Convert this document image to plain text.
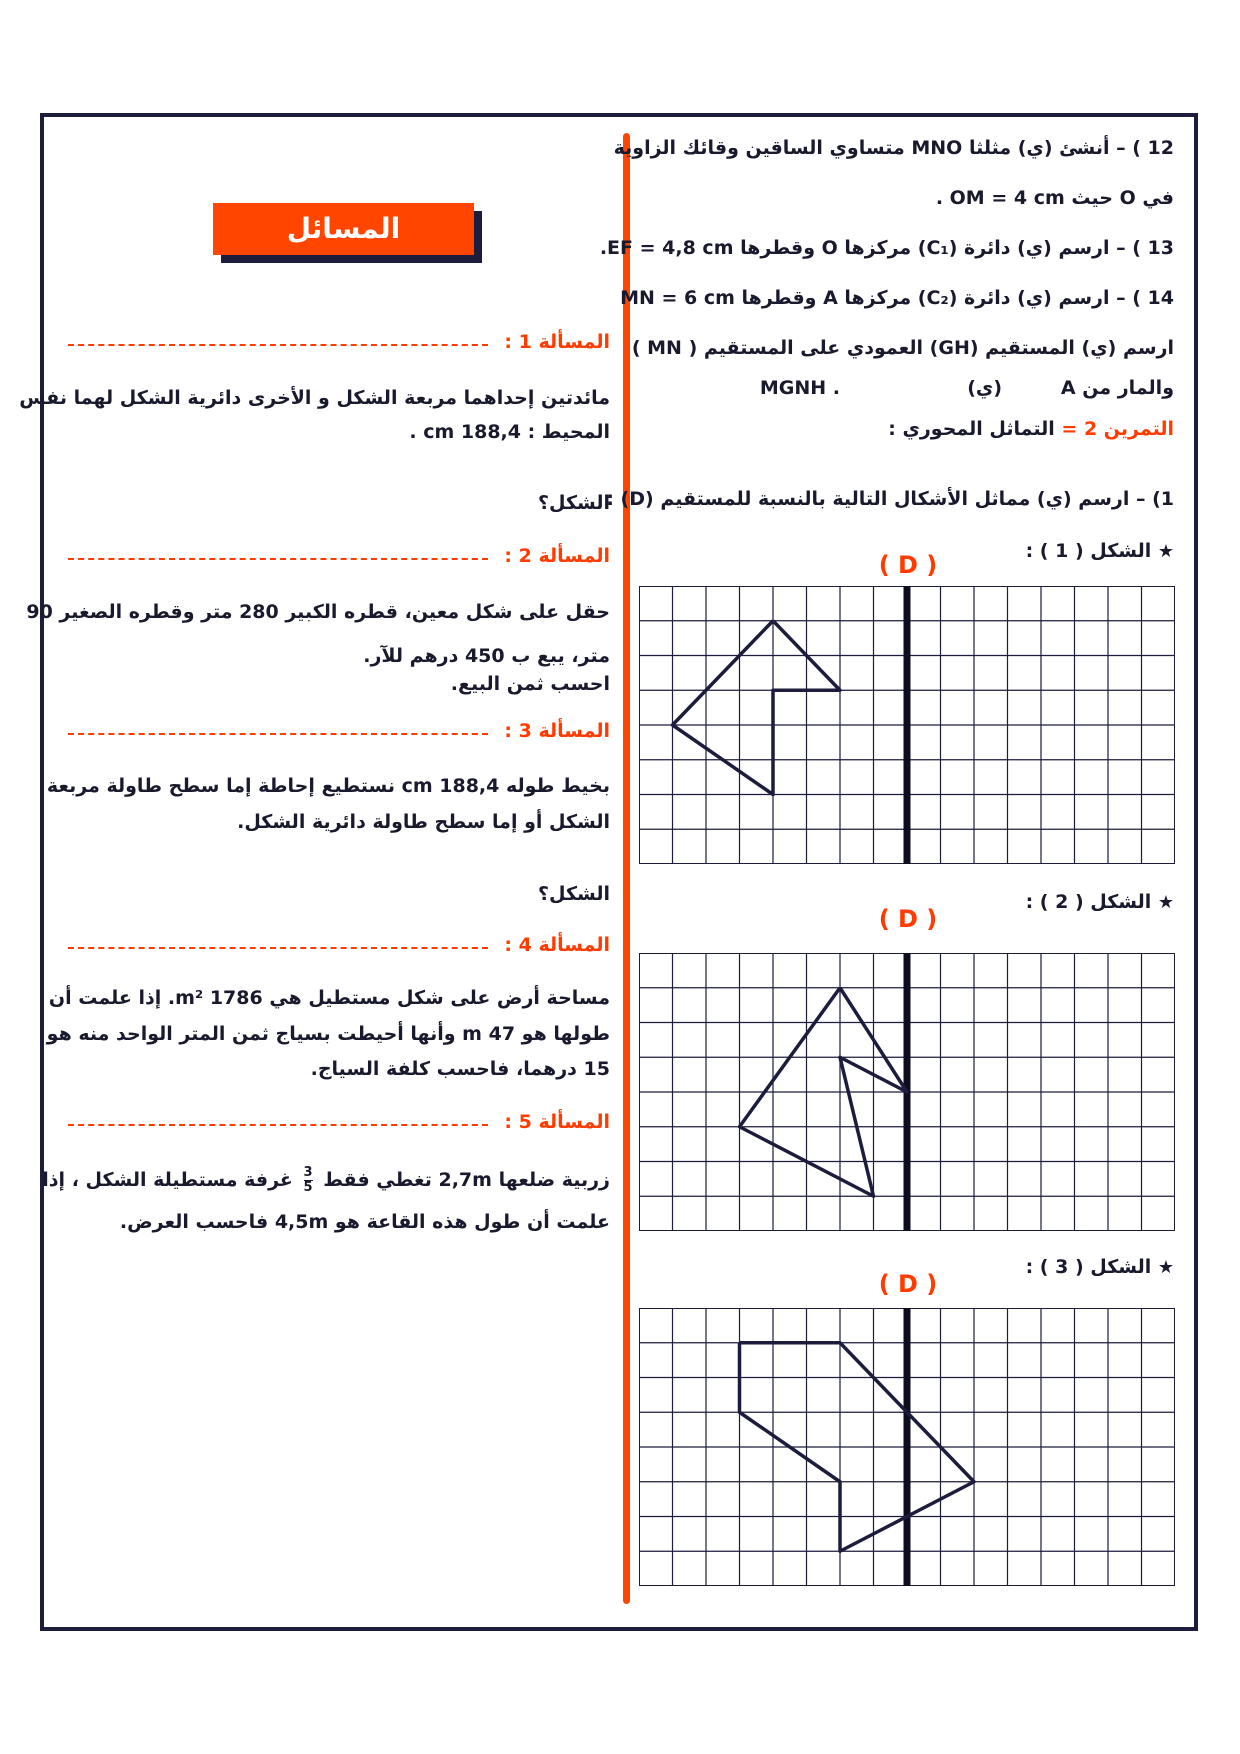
12 ) – أنشئ (ي) مثلثا MNO متساوي الساقين وقائك الزاوية
في O حيث OM = 4 cm .
13 ) – ارسم (ي) دائرة (C₁) مركزها O وقطرها EF = 4,8 cm.
14 ) – ارسم (ي) دائرة (C₂) مركزها A وقطرها MN = 6 cm
ارسم (ي) المستقيم (GH) العمودي على المستقيم ( MN )
والمار من A
(ي)
. MGNH
التمرين 2 = التماثل المحوري :
1) – ارسم (ي) مماثل الأشكال التالية بالنسبة للمستقيم (D) :
★ الشكل ( 1 ) :
★ الشكل ( 2 ) :
★ الشكل ( 3 ) :
( D )
( D )
( D )
المسائل
المسألة 1 :
مائدتين إحداهما مربعة الشكل و الأخرى دائرية الشكل لهما نفس
المحيط : 188,4 cm .
الشكل؟
المسألة 2 :
حقل على شكل معين، قطره الكبير 280 متر وقطره الصغير 90
متر، يبع ب 450 درهم للآر.
احسب ثمن البيع.
المسألة 3 :
بخيط طوله 188,4 cm نستطيع إحاطة إما سطح طاولة مربعة
الشكل أو إما سطح طاولة دائرية الشكل.
الشكل؟
المسألة 4 :
مساحة أرض على شكل مستطيل هي 1786 m². إذا علمت أن
طولها هو 47 m وأنها أحيطت بسياج ثمن المتر الواحد منه هو
15 درهما، فاحسب كلفة السياج.
المسألة 5 :
زربية ضلعها 2,7m تغطي فقط
$\frac{3}{5}$
غرفة مستطيلة الشكل ، إذا
علمت أن طول هذه القاعة هو 4,5m فاحسب العرض.
